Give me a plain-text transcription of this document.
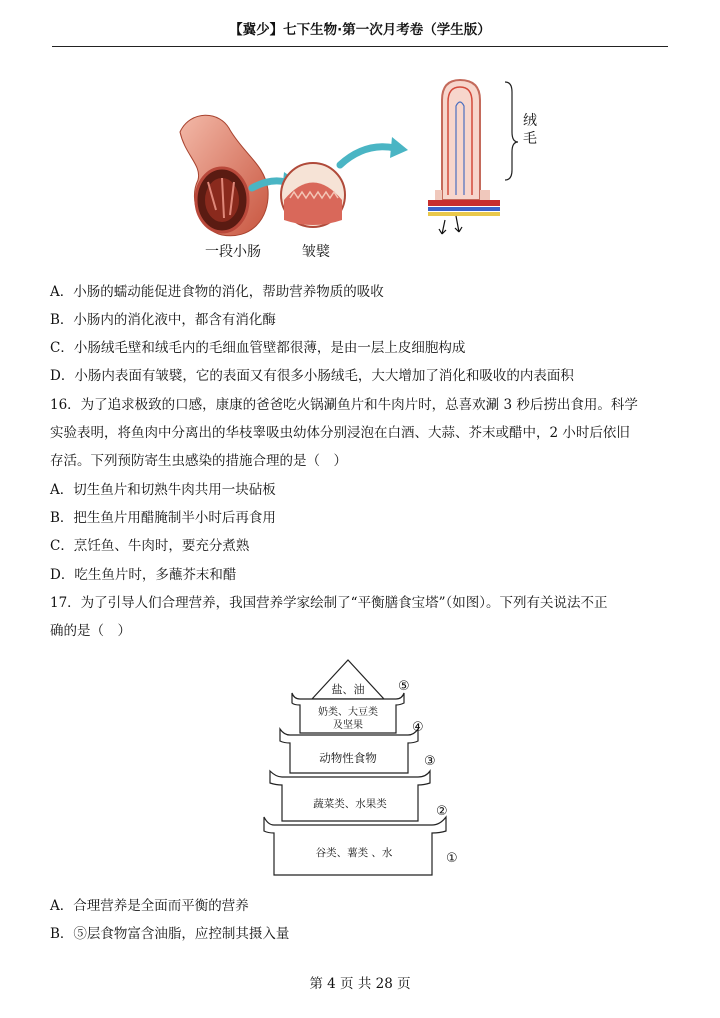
【冀少】七下生物·第一次月考卷（学生版）
绒
毛
一段小肠	皱襞
A．小肠的蠕动能促进食物的消化，帮助营养物质的吸收
B．小肠内的消化液中，都含有消化酶
C．小肠绒毛壁和绒毛内的毛细血管壁都很薄，是由一层上皮细胞构成
D．小肠内表面有皱襞，它的表面又有很多小肠绒毛，大大增加了消化和吸收的内表面积
16．为了追求极致的口感，康康的爸爸吃火锅涮鱼片和牛肉片时，总喜欢涮 3 秒后捞出食用。科学
实验表明，将鱼肉中分离出的华枝睾吸虫幼体分别浸泡在白酒、大蒜、芥末或醋中，2 小时后依旧
存活。下列预防寄生虫感染的措施合理的是（　）
A．切生鱼片和切熟牛肉共用一块砧板
B．把生鱼片用醋腌制半小时后再食用
C．烹饪鱼、牛肉时，要充分煮熟
D．吃生鱼片时，多蘸芥末和醋
17．为了引导人们合理营养，我国营养学家绘制了“平衡膳食宝塔”（如图）。下列有关说法不正
确的是（　）
盐、油
奶类、大豆类
及坚果
动物性食物
蔬菜类、水果类
谷类、薯类 、水
⑤
④
③
②
①
A．合理营养是全面而平衡的营养
B．⑤层食物富含油脂，应控制其摄入量
第 4 页 共 28 页
